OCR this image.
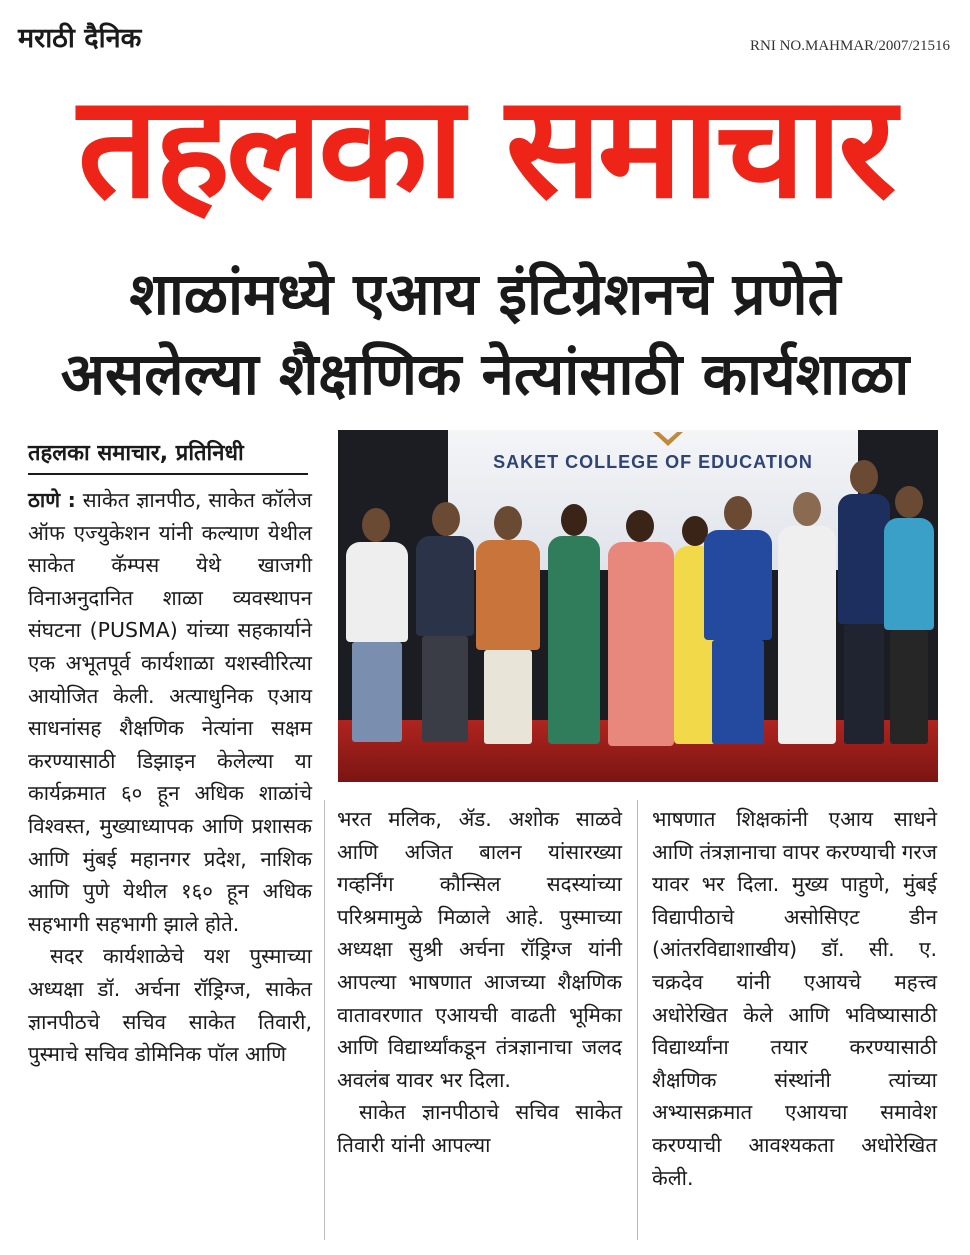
मराठी दैनिक	RNI NO.MAHMAR/2007/21516
तहलका समाचार
शाळांमध्ये एआय इंटिग्रेशनचे प्रणेते
असलेल्या शैक्षणिक नेत्यांसाठी कार्यशाळा
तहलका समाचार, प्रतिनिधी

ठाणे : साकेत ज्ञानपीठ, साकेत कॉलेज ऑफ एज्युकेशन यांनी कल्याण येथील साकेत कॅम्पस येथे खाजगी विनाअनुदानित शाळा व्यवस्थापन संघटना (PUSMA) यांच्या सहकार्याने एक अभूतपूर्व कार्यशाळा यशस्वीरित्या आयोजित केली. अत्याधुनिक एआय साधनांसह शैक्षणिक नेत्यांना सक्षम करण्यासाठी डिझाइन केलेल्या या कार्यक्रमात ६० हून अधिक शाळांचे विश्वस्त, मुख्याध्यापक आणि प्रशासक आणि मुंबई महानगर प्रदेश, नाशिक आणि पुणे येथील १६० हून अधिक सहभागी सहभागी झाले होते.

सदर कार्यशाळेचे यश पुस्माच्या अध्यक्षा डॉ. अर्चना रॉड्रिग्ज, साकेत ज्ञानपीठचे सचिव साकेत तिवारी, पुस्माचे सचिव डोमिनिक पॉल आणि

भरत मलिक, ॲड. अशोक साळवे आणि अजित बालन यांसारख्या गव्हर्निंग कौन्सिल सदस्यांच्या परिश्रमामुळे मिळाले आहे. पुस्माच्या अध्यक्षा सुश्री अर्चना रॉड्रिग्ज यांनी आपल्या भाषणात आजच्या शैक्षणिक वातावरणात एआयची वाढती भूमिका आणि विद्यार्थ्यांकडून तंत्रज्ञानाचा जलद अवलंब यावर भर दिला.

साकेत ज्ञानपीठाचे सचिव साकेत तिवारी यांनी आपल्या

भाषणात शिक्षकांनी एआय साधने आणि तंत्रज्ञानाचा वापर करण्याची गरज यावर भर दिला. मुख्य पाहुणे, मुंबई विद्यापीठाचे असोसिएट डीन (आंतरविद्याशाखीय) डॉ. सी. ए. चक्रदेव यांनी एआयचे महत्त्व अधोरेखित केले आणि भविष्यासाठी विद्यार्थ्यांना तयार करण्यासाठी शैक्षणिक संस्थांनी त्यांच्या अभ्यासक्रमात एआयचा समावेश करण्याची आवश्यकता अधोरेखित केली.

SAKET COLLEGE OF EDUCATION
